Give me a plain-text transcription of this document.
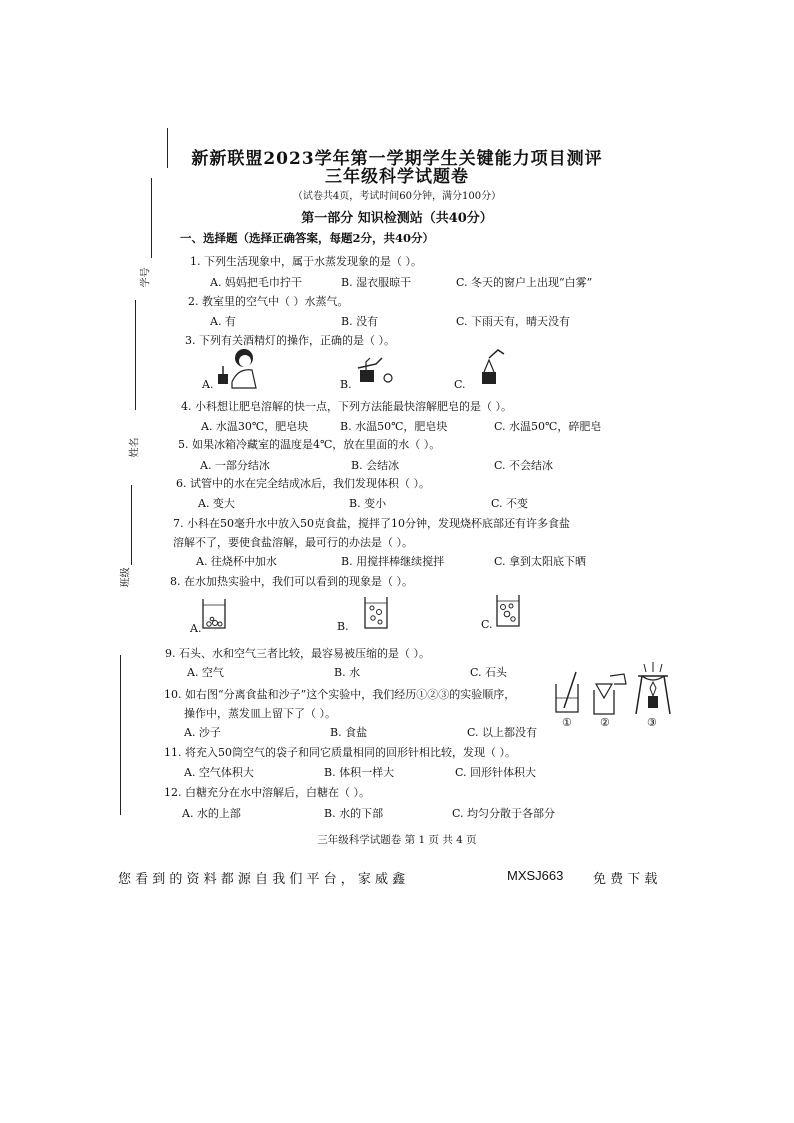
学号
姓名
班级
新新联盟2023学年第一学期学生关键能力项目测评
三年级科学试题卷
（试卷共4页，考试时间60分钟，满分100分）
第一部分 知识检测站（共40分）
一、选择题（选择正确答案，每题2分，共40分）
1. 下列生活现象中，属于水蒸发现象的是（ ）。
A. 妈妈把毛巾拧干	B. 湿衣服晾干	C. 冬天的窗户上出现“白雾”
2. 教室里的空气中（ ）水蒸气。
A. 有	B. 没有	C. 下雨天有，晴天没有
3. 下列有关酒精灯的操作，正确的是（ ）。
A.	B.	C.
4. 小科想让肥皂溶解的快一点，下列方法能最快溶解肥皂的是（ ）。
A. 水温30℃，肥皂块	B. 水温50℃，肥皂块	C. 水温50℃，碎肥皂
5. 如果冰箱冷藏室的温度是4℃，放在里面的水（ ）。
A. 一部分结冰	B. 会结冰	C. 不会结冰
6. 试管中的水在完全结成冰后，我们发现体积（ ）。
A. 变大	B. 变小	C. 不变
7. 小科在50毫升水中放入50克食盐，搅拌了10分钟，发现烧杯底部还有许多食盐
溶解不了，要使食盐溶解，最可行的办法是（ ）。
A. 往烧杯中加水	B. 用搅拌棒继续搅拌	C. 拿到太阳底下晒
8. 在水加热实验中，我们可以看到的现象是（ ）。
A.	B.	C.
9. 石头、水和空气三者比较，最容易被压缩的是（ ）。
A. 空气	B. 水	C. 石头
10. 如右图“分离食盐和沙子”这个实验中，我们经历①②③的实验顺序，
操作中，蒸发皿上留下了（ ）。
A. 沙子	B. 食盐	C. 以上都没有
①	②	③
11. 将充入50筒空气的袋子和同它质量相同的回形针相比较，发现（ ）。
A. 空气体积大	B. 体积一样大	C. 回形针体积大
12. 白糖充分在水中溶解后，白糖在（ ）。
A. 水的上部	B. 水的下部	C. 均匀分散于各部分
三年级科学试题卷 第 1 页 共 4 页
您 看 到 的 资 料 都 源 自 我 们 平 台 ， 家 威 鑫	MXSJ663 免 费 下 载
